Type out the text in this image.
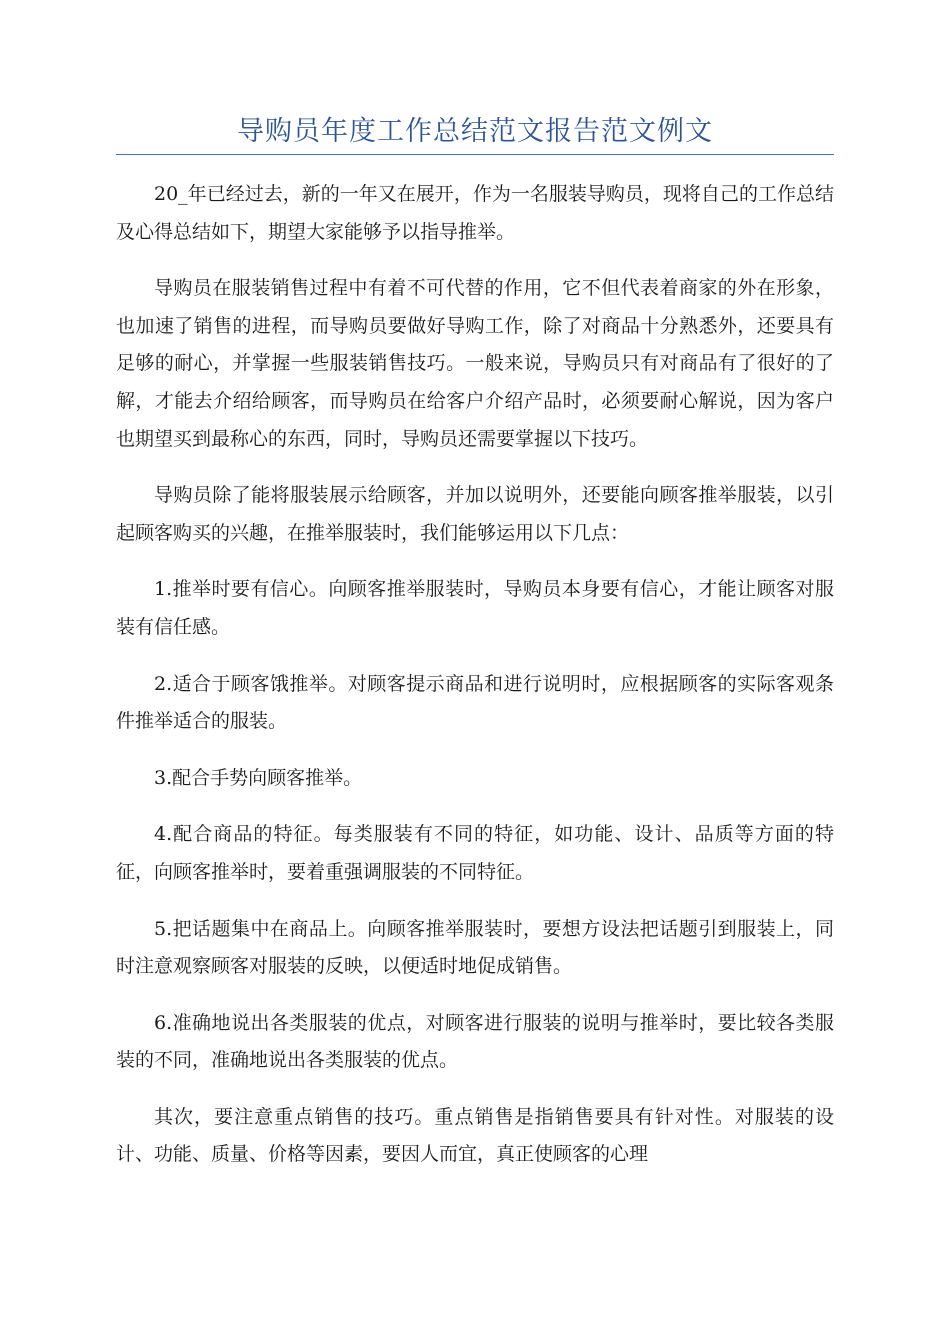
导购员年度工作总结范文报告范文例文

20_年已经过去，新的一年又在展开，作为一名服装导购员，现将自己的工作总结及心得总结如下，期望大家能够予以指导推举。

导购员在服装销售过程中有着不可代替的作用，它不但代表着商家的外在形象，也加速了销售的进程，而导购员要做好导购工作，除了对商品十分熟悉外，还要具有足够的耐心，并掌握一些服装销售技巧。一般来说，导购员只有对商品有了很好的了解，才能去介绍给顾客，而导购员在给客户介绍产品时，必须要耐心解说，因为客户也期望买到最称心的东西，同时，导购员还需要掌握以下技巧。

导购员除了能将服装展示给顾客，并加以说明外，还要能向顾客推举服装，以引起顾客购买的兴趣，在推举服装时，我们能够运用以下几点：

1.推举时要有信心。向顾客推举服装时，导购员本身要有信心，才能让顾客对服装有信任感。

2.适合于顾客饿推举。对顾客提示商品和进行说明时，应根据顾客的实际客观条件推举适合的服装。

3.配合手势向顾客推举。

4.配合商品的特征。每类服装有不同的特征，如功能、设计、品质等方面的特征，向顾客推举时，要着重强调服装的不同特征。

5.把话题集中在商品上。向顾客推举服装时，要想方设法把话题引到服装上，同时注意观察顾客对服装的反映，以便适时地促成销售。

6.准确地说出各类服装的优点，对顾客进行服装的说明与推举时，要比较各类服装的不同，准确地说出各类服装的优点。

其次，要注意重点销售的技巧。重点销售是指销售要具有针对性。对服装的设计、功能、质量、价格等因素，要因人而宜，真正使顾客的心理
